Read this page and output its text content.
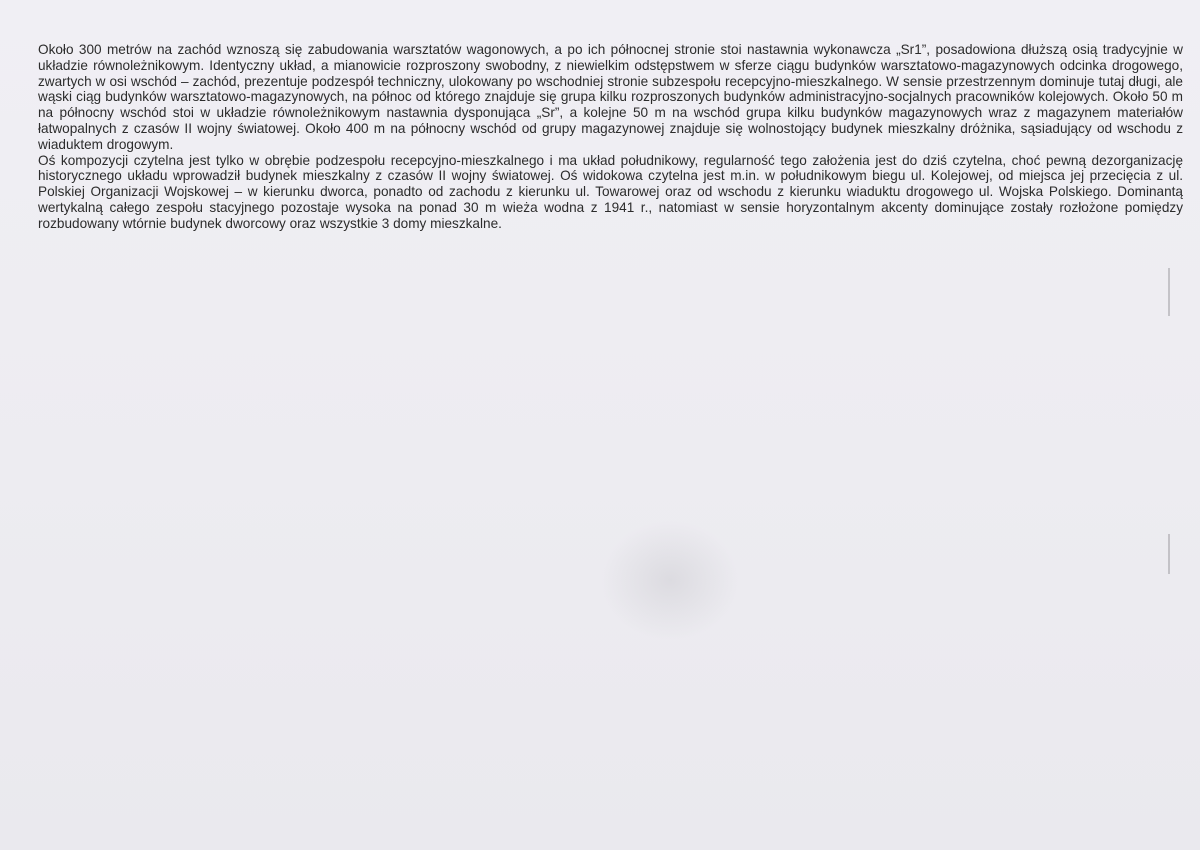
Około 300 metrów na zachód wznoszą się zabudowania warsztatów wagonowych, a po ich północnej stronie stoi nastawnia wykonawcza „Sr1”, posadowiona dłuższą osią tradycyjnie w układzie równoleżnikowym. Identyczny układ, a mianowicie rozproszony swobodny, z niewielkim odstępstwem w sferze ciągu budynków warsztatowo-magazynowych odcinka drogowego, zwartych w osi wschód – zachód, prezentuje podzespół techniczny, ulokowany po wschodniej stronie subzespołu recepcyjno-mieszkalnego. W sensie przestrzennym dominuje tutaj długi, ale wąski ciąg budynków warsztatowo-magazynowych, na północ od którego znajduje się grupa kilku rozproszonych budynków administracyjno-socjalnych pracowników kolejowych. Około 50 m na północny wschód stoi w układzie równoleżnikowym nastawnia dysponująca „Sr”, a kolejne 50 m na wschód grupa kilku budynków magazynowych wraz z magazynem materiałów łatwopalnych z czasów II wojny światowej. Około 400 m na północny wschód od grupy magazynowej znajduje się wolnostojący budynek mieszkalny dróżnika, sąsiadujący od wschodu z wiaduktem drogowym.

Oś kompozycji czytelna jest tylko w obrębie podzespołu recepcyjno-mieszkalnego i ma układ południkowy, regularność tego założenia jest do dziś czytelna, choć pewną dezorganizację historycznego układu wprowadził budynek mieszkalny z czasów II wojny światowej. Oś widokowa czytelna jest m.in. w południkowym biegu ul. Kolejowej, od miejsca jej przecięcia z ul. Polskiej Organizacji Wojskowej – w kierunku dworca, ponadto od zachodu z kierunku ul. Towarowej oraz od wschodu z kierunku wiaduktu drogowego ul. Wojska Polskiego. Dominantą wertykalną całego zespołu stacyjnego pozostaje wysoka na ponad 30 m wieża wodna z 1941 r., natomiast w sensie horyzontalnym akcenty dominujące zostały rozłożone pomiędzy rozbudowany wtórnie budynek dworcowy oraz wszystkie 3 domy mieszkalne.
